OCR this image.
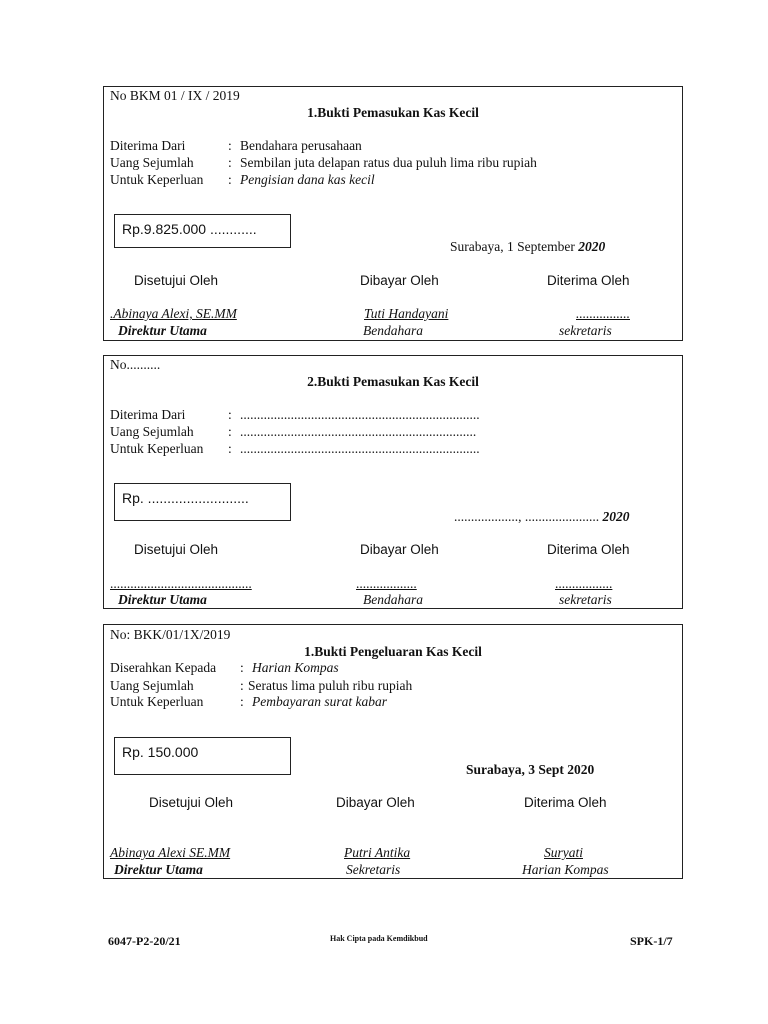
No BKM 01 / IX / 2019
1.Bukti Pemasukan Kas Kecil
Diterima Dari	: Bendahara perusahaan
Uang Sejumlah	: Sembilan juta delapan ratus dua puluh lima ribu rupiah
Untuk Keperluan : Pengisian dana kas kecil
Rp.9.825.000 ............
Surabaya, 1 September 2020
Disetujui Oleh	Dibayar Oleh	Diterima Oleh
.Abinaya Alexi, SE.MM	Tuti Handayani	................
Direktur Utama	Bendahara	sekretaris
No..........
2.Bukti Pemasukan Kas Kecil
Diterima Dari	: .......................................................................
Uang Sejumlah	: ......................................................................
Untuk Keperluan : .......................................................................
Rp. ..........................
..................., ...................... 2020
Disetujui Oleh	Dibayar Oleh	Diterima Oleh
..........................................	..................	.................
Direktur Utama	Bendahara	sekretaris
No: BKK/01/1X/2019
1.Bukti Pengeluaran Kas Kecil
Diserahkan Kepada : Harian Kompas
Uang Sejumlah	: Seratus lima puluh ribu rupiah
Untuk Keperluan	: Pembayaran surat kabar
Rp. 150.000
Surabaya, 3 Sept 2020
Disetujui Oleh	Dibayar Oleh	Diterima Oleh
Abinaya Alexi SE.MM	Putri Antika	Suryati
Direktur Utama	Sekretaris	Harian Kompas
6047-P2-20/21	Hak Cipta pada Kemdikbud	SPK-1/7
